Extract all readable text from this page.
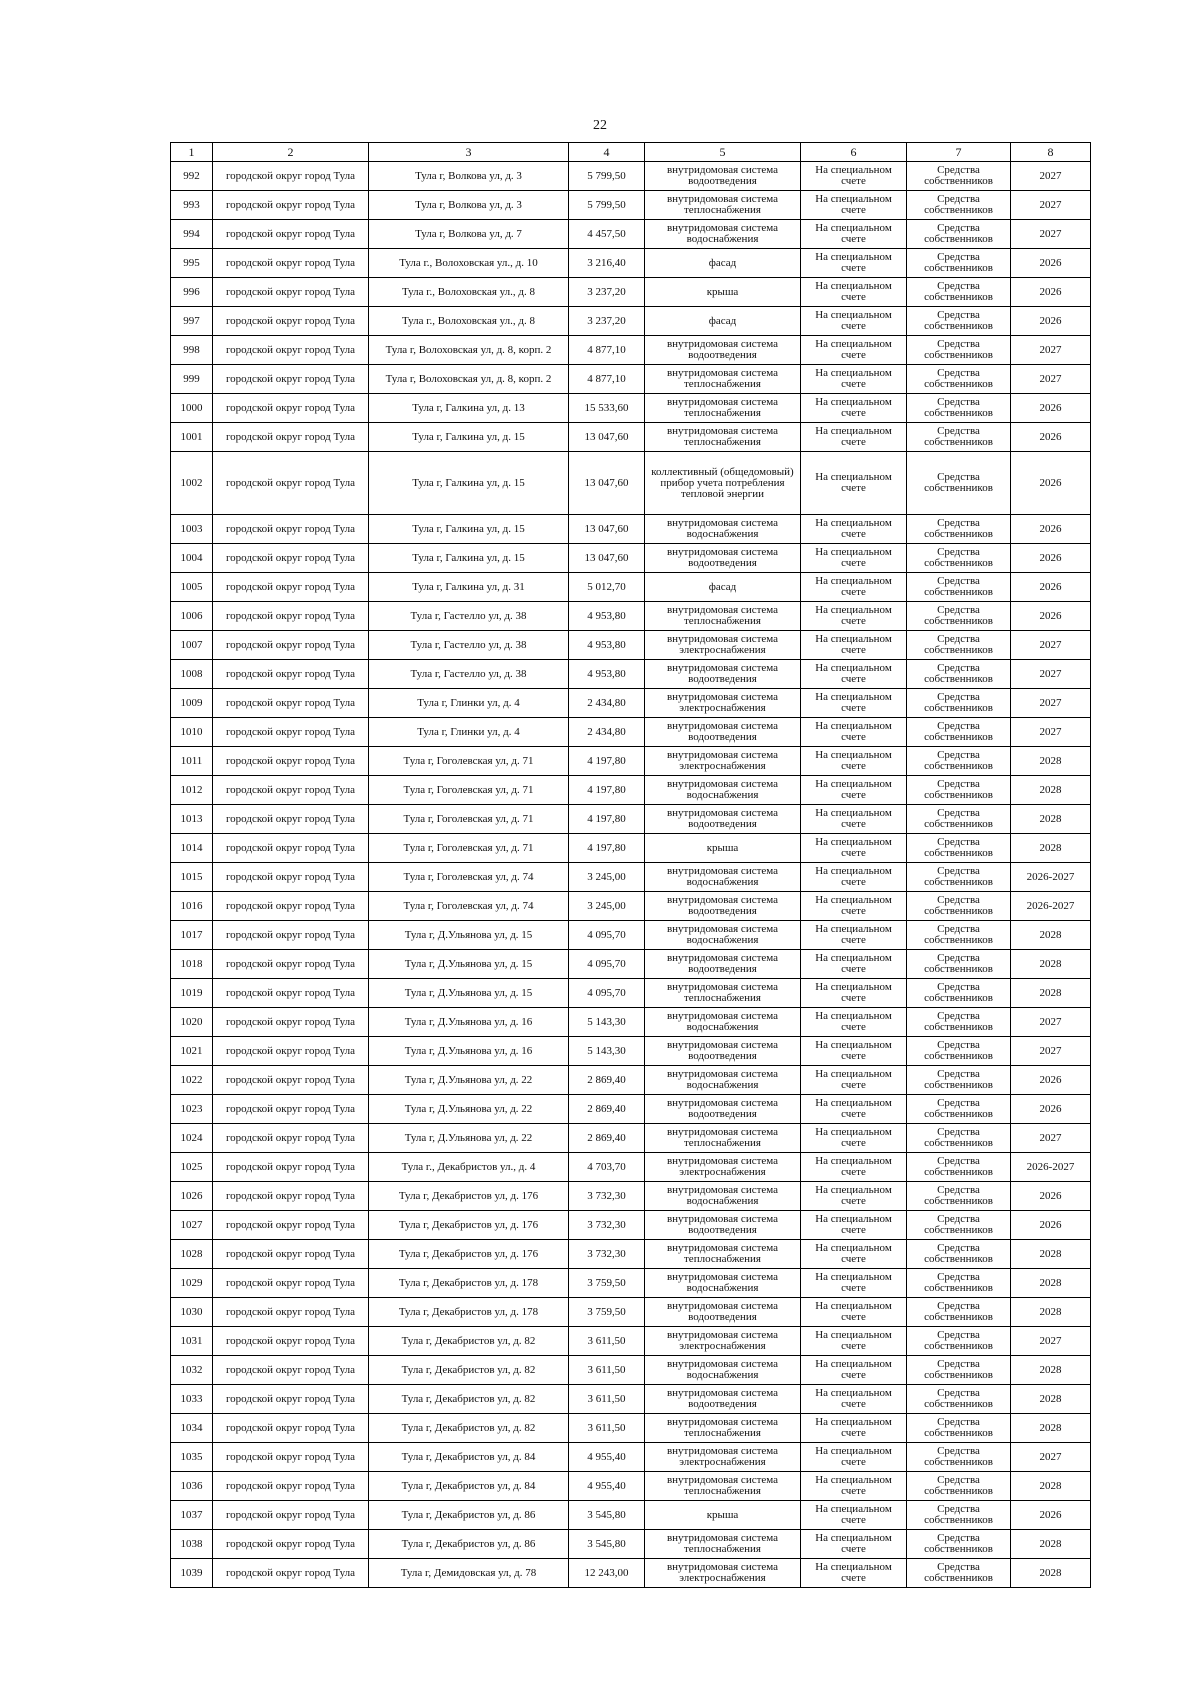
22
1	2	3	4	5	6	7	8
992	городской округ город Тула	Тула г, Волкова ул, д. 3	5 799,50	внутридомовая система водоотведения	На специальном счете	Средства собственников	2027
993	городской округ город Тула	Тула г, Волкова ул, д. 3	5 799,50	внутридомовая система теплоснабжения	На специальном счете	Средства собственников	2027
994	городской округ город Тула	Тула г, Волкова ул, д. 7	4 457,50	внутридомовая система водоснабжения	На специальном счете	Средства собственников	2027
995	городской округ город Тула	Тула г., Волоховская ул., д. 10	3 216,40	фасад	На специальном счете	Средства собственников	2026
996	городской округ город Тула	Тула г., Волоховская ул., д. 8	3 237,20	крыша	На специальном счете	Средства собственников	2026
997	городской округ город Тула	Тула г., Волоховская ул., д. 8	3 237,20	фасад	На специальном счете	Средства собственников	2026
998	городской округ город Тула	Тула г, Волоховская ул, д. 8, корп. 2	4 877,10	внутридомовая система водоотведения	На специальном счете	Средства собственников	2027
999	городской округ город Тула	Тула г, Волоховская ул, д. 8, корп. 2	4 877,10	внутридомовая система теплоснабжения	На специальном счете	Средства собственников	2027
1000	городской округ город Тула	Тула г, Галкина ул, д. 13	15 533,60	внутридомовая система теплоснабжения	На специальном счете	Средства собственников	2026
1001	городской округ город Тула	Тула г, Галкина ул, д. 15	13 047,60	внутридомовая система теплоснабжения	На специальном счете	Средства собственников	2026
1002	городской округ город Тула	Тула г, Галкина ул, д. 15	13 047,60	коллективный (общедомовый) прибор учета потребления тепловой энергии	На специальном счете	Средства собственников	2026
1003	городской округ город Тула	Тула г, Галкина ул, д. 15	13 047,60	внутридомовая система водоснабжения	На специальном счете	Средства собственников	2026
1004	городской округ город Тула	Тула г, Галкина ул, д. 15	13 047,60	внутридомовая система водоотведения	На специальном счете	Средства собственников	2026
1005	городской округ город Тула	Тула г, Галкина ул, д. 31	5 012,70	фасад	На специальном счете	Средства собственников	2026
1006	городской округ город Тула	Тула г, Гастелло ул, д. 38	4 953,80	внутридомовая система теплоснабжения	На специальном счете	Средства собственников	2026
1007	городской округ город Тула	Тула г, Гастелло ул, д. 38	4 953,80	внутридомовая система электроснабжения	На специальном счете	Средства собственников	2027
1008	городской округ город Тула	Тула г, Гастелло ул, д. 38	4 953,80	внутридомовая система водоотведения	На специальном счете	Средства собственников	2027
1009	городской округ город Тула	Тула г, Глинки ул, д. 4	2 434,80	внутридомовая система электроснабжения	На специальном счете	Средства собственников	2027
1010	городской округ город Тула	Тула г, Глинки ул, д. 4	2 434,80	внутридомовая система водоотведения	На специальном счете	Средства собственников	2027
1011	городской округ город Тула	Тула г, Гоголевская ул, д. 71	4 197,80	внутридомовая система электроснабжения	На специальном счете	Средства собственников	2028
1012	городской округ город Тула	Тула г, Гоголевская ул, д. 71	4 197,80	внутридомовая система водоснабжения	На специальном счете	Средства собственников	2028
1013	городской округ город Тула	Тула г, Гоголевская ул, д. 71	4 197,80	внутридомовая система водоотведения	На специальном счете	Средства собственников	2028
1014	городской округ город Тула	Тула г, Гоголевская ул, д. 71	4 197,80	крыша	На специальном счете	Средства собственников	2028
1015	городской округ город Тула	Тула г, Гоголевская ул, д. 74	3 245,00	внутридомовая система водоснабжения	На специальном счете	Средства собственников	2026-2027
1016	городской округ город Тула	Тула г, Гоголевская ул, д. 74	3 245,00	внутридомовая система водоотведения	На специальном счете	Средства собственников	2026-2027
1017	городской округ город Тула	Тула г, Д.Ульянова ул, д. 15	4 095,70	внутридомовая система водоснабжения	На специальном счете	Средства собственников	2028
1018	городской округ город Тула	Тула г, Д.Ульянова ул, д. 15	4 095,70	внутридомовая система водоотведения	На специальном счете	Средства собственников	2028
1019	городской округ город Тула	Тула г, Д.Ульянова ул, д. 15	4 095,70	внутридомовая система теплоснабжения	На специальном счете	Средства собственников	2028
1020	городской округ город Тула	Тула г, Д.Ульянова ул, д. 16	5 143,30	внутридомовая система водоснабжения	На специальном счете	Средства собственников	2027
1021	городской округ город Тула	Тула г, Д.Ульянова ул, д. 16	5 143,30	внутридомовая система водоотведения	На специальном счете	Средства собственников	2027
1022	городской округ город Тула	Тула г, Д.Ульянова ул, д. 22	2 869,40	внутридомовая система водоснабжения	На специальном счете	Средства собственников	2026
1023	городской округ город Тула	Тула г, Д.Ульянова ул, д. 22	2 869,40	внутридомовая система водоотведения	На специальном счете	Средства собственников	2026
1024	городской округ город Тула	Тула г, Д.Ульянова ул, д. 22	2 869,40	внутридомовая система теплоснабжения	На специальном счете	Средства собственников	2027
1025	городской округ город Тула	Тула г., Декабристов ул., д. 4	4 703,70	внутридомовая система электроснабжения	На специальном счете	Средства собственников	2026-2027
1026	городской округ город Тула	Тула г, Декабристов ул, д. 176	3 732,30	внутридомовая система водоснабжения	На специальном счете	Средства собственников	2026
1027	городской округ город Тула	Тула г, Декабристов ул, д. 176	3 732,30	внутридомовая система водоотведения	На специальном счете	Средства собственников	2026
1028	городской округ город Тула	Тула г, Декабристов ул, д. 176	3 732,30	внутридомовая система теплоснабжения	На специальном счете	Средства собственников	2028
1029	городской округ город Тула	Тула г, Декабристов ул, д. 178	3 759,50	внутридомовая система водоснабжения	На специальном счете	Средства собственников	2028
1030	городской округ город Тула	Тула г, Декабристов ул, д. 178	3 759,50	внутридомовая система водоотведения	На специальном счете	Средства собственников	2028
1031	городской округ город Тула	Тула г, Декабристов ул, д. 82	3 611,50	внутридомовая система электроснабжения	На специальном счете	Средства собственников	2027
1032	городской округ город Тула	Тула г, Декабристов ул, д. 82	3 611,50	внутридомовая система водоснабжения	На специальном счете	Средства собственников	2028
1033	городской округ город Тула	Тула г, Декабристов ул, д. 82	3 611,50	внутридомовая система водоотведения	На специальном счете	Средства собственников	2028
1034	городской округ город Тула	Тула г, Декабристов ул, д. 82	3 611,50	внутридомовая система теплоснабжения	На специальном счете	Средства собственников	2028
1035	городской округ город Тула	Тула г, Декабристов ул, д. 84	4 955,40	внутридомовая система электроснабжения	На специальном счете	Средства собственников	2027
1036	городской округ город Тула	Тула г, Декабристов ул, д. 84	4 955,40	внутридомовая система теплоснабжения	На специальном счете	Средства собственников	2028
1037	городской округ город Тула	Тула г, Декабристов ул, д. 86	3 545,80	крыша	На специальном счете	Средства собственников	2026
1038	городской округ город Тула	Тула г, Декабристов ул, д. 86	3 545,80	внутридомовая система теплоснабжения	На специальном счете	Средства собственников	2028
1039	городской округ город Тула	Тула г, Демидовская ул, д. 78	12 243,00	внутридомовая система электроснабжения	На специальном счете	Средства собственников	2028
